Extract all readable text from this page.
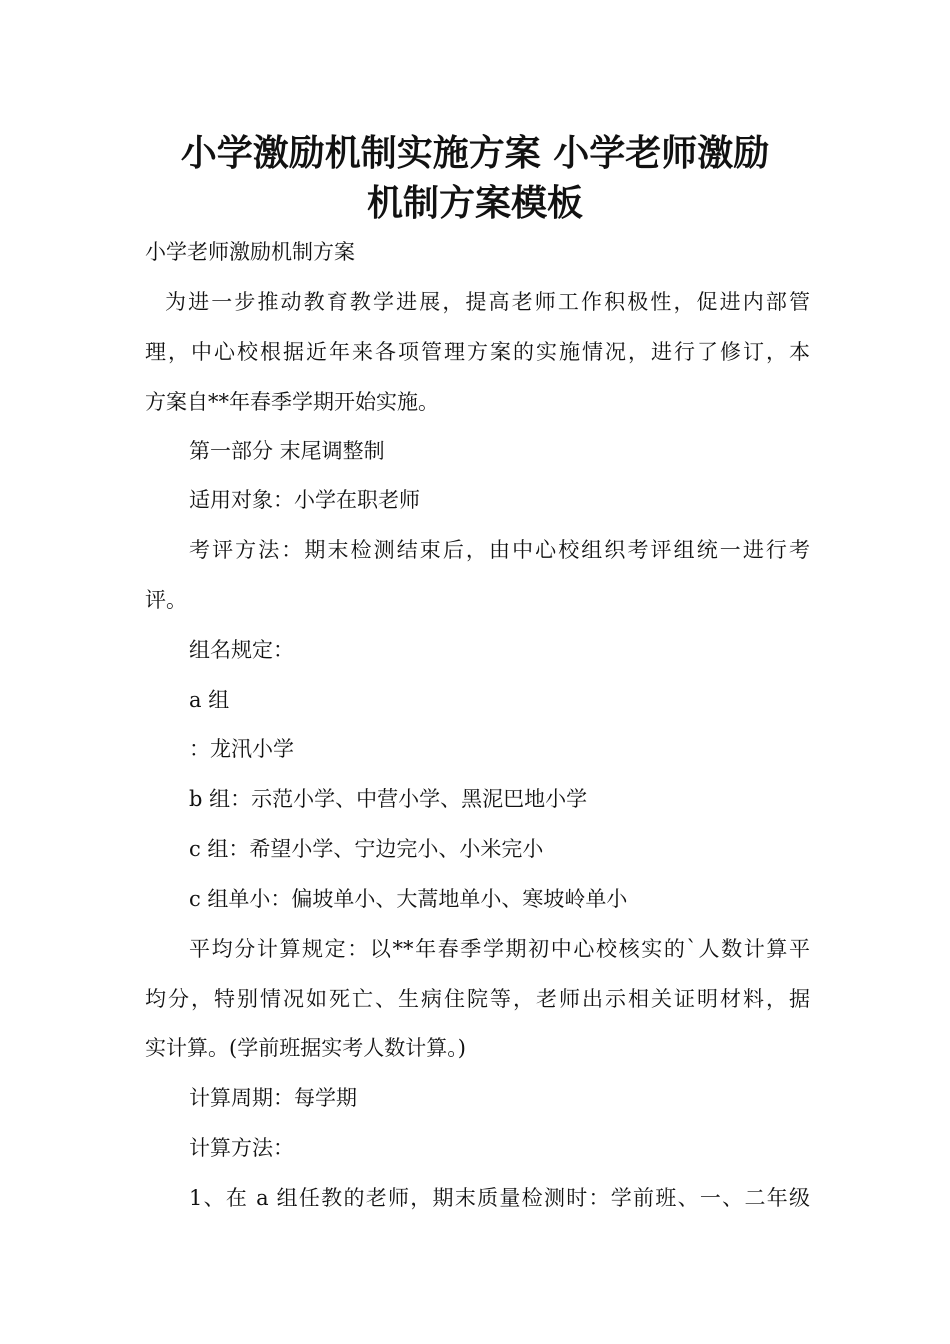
小学激励机制实施方案 小学老师激励
机制方案模板

小学老师激励机制方案

为进一步推动教育教学进展，提高老师工作积极性，促进内部管

理，中心校根据近年来各项管理方案的实施情况，进行了修订，本

方案自**年春季学期开始实施。

第一部分 末尾调整制

适用对象：小学在职老师

考评方法：期末检测结束后，由中心校组织考评组统一进行考

评。

组名规定：

a 组

：龙汛小学

b 组：示范小学、中营小学、黑泥巴地小学

c 组：希望小学、宁边完小、小米完小

c 组单小：偏坡单小、大蒿地单小、寒坡岭单小

平均分计算规定：以**年春季学期初中心校核实的`人数计算平

均分，特别情况如死亡、生病住院等，老师出示相关证明材料，据

实计算。(学前班据实考人数计算。)

计算周期：每学期

计算方法：

1、在 a 组任教的老师，期末质量检测时：学前班、一、二年级
